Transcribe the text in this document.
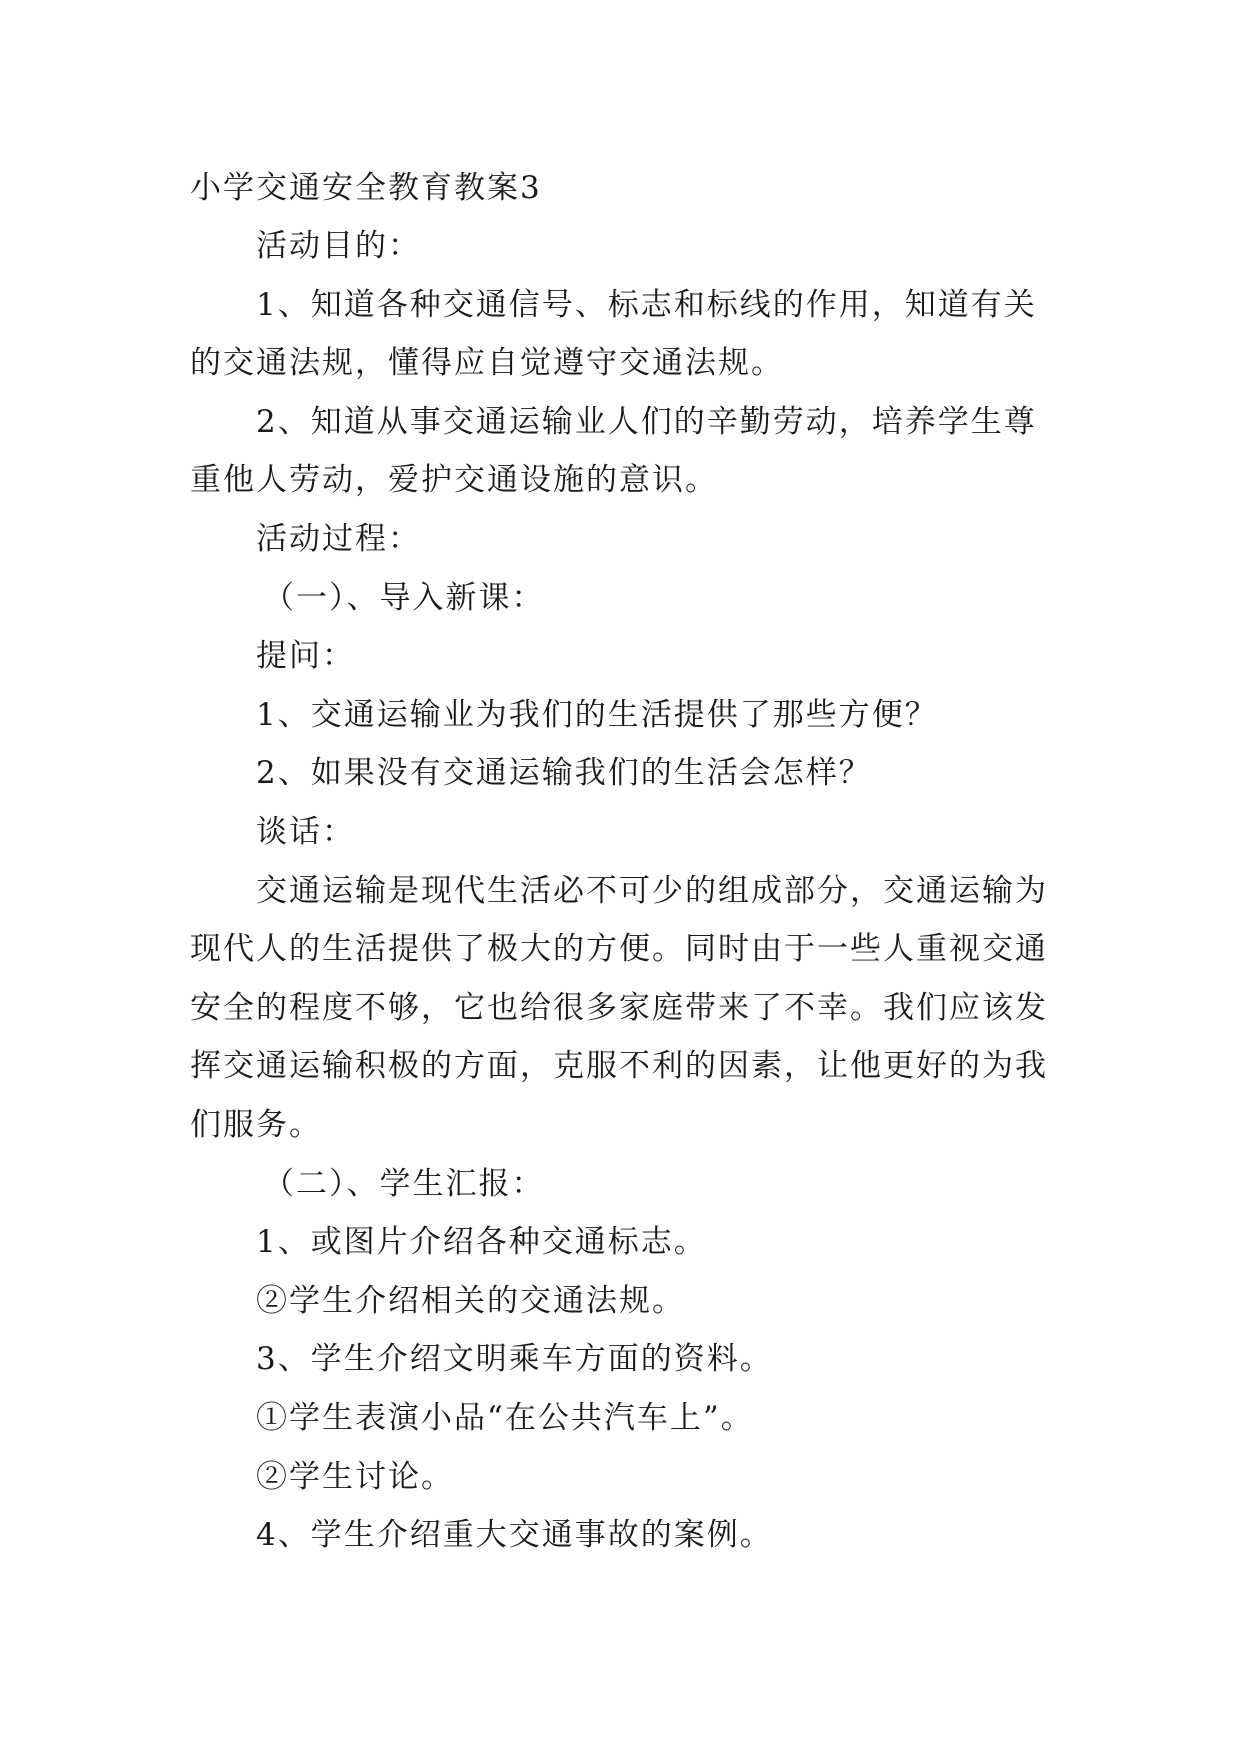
小学交通安全教育教案3
活动目的：
1、知道各种交通信号、标志和标线的作用，知道有关
的交通法规，懂得应自觉遵守交通法规。
2、知道从事交通运输业人们的辛勤劳动，培养学生尊
重他人劳动，爱护交通设施的意识。
活动过程：
（一）、导入新课：
提问：
1、交通运输业为我们的生活提供了那些方便？
2、如果没有交通运输我们的生活会怎样？
谈话：
交通运输是现代生活必不可少的组成部分，交通运输为
现代人的生活提供了极大的方便。同时由于一些人重视交通
安全的程度不够，它也给很多家庭带来了不幸。我们应该发
挥交通运输积极的方面，克服不利的因素，让他更好的为我
们服务。
（二）、学生汇报：
1、或图片介绍各种交通标志。
②学生介绍相关的交通法规。
3、学生介绍文明乘车方面的资料。
①学生表演小品“在公共汽车上”。
②学生讨论。
4、学生介绍重大交通事故的案例。
